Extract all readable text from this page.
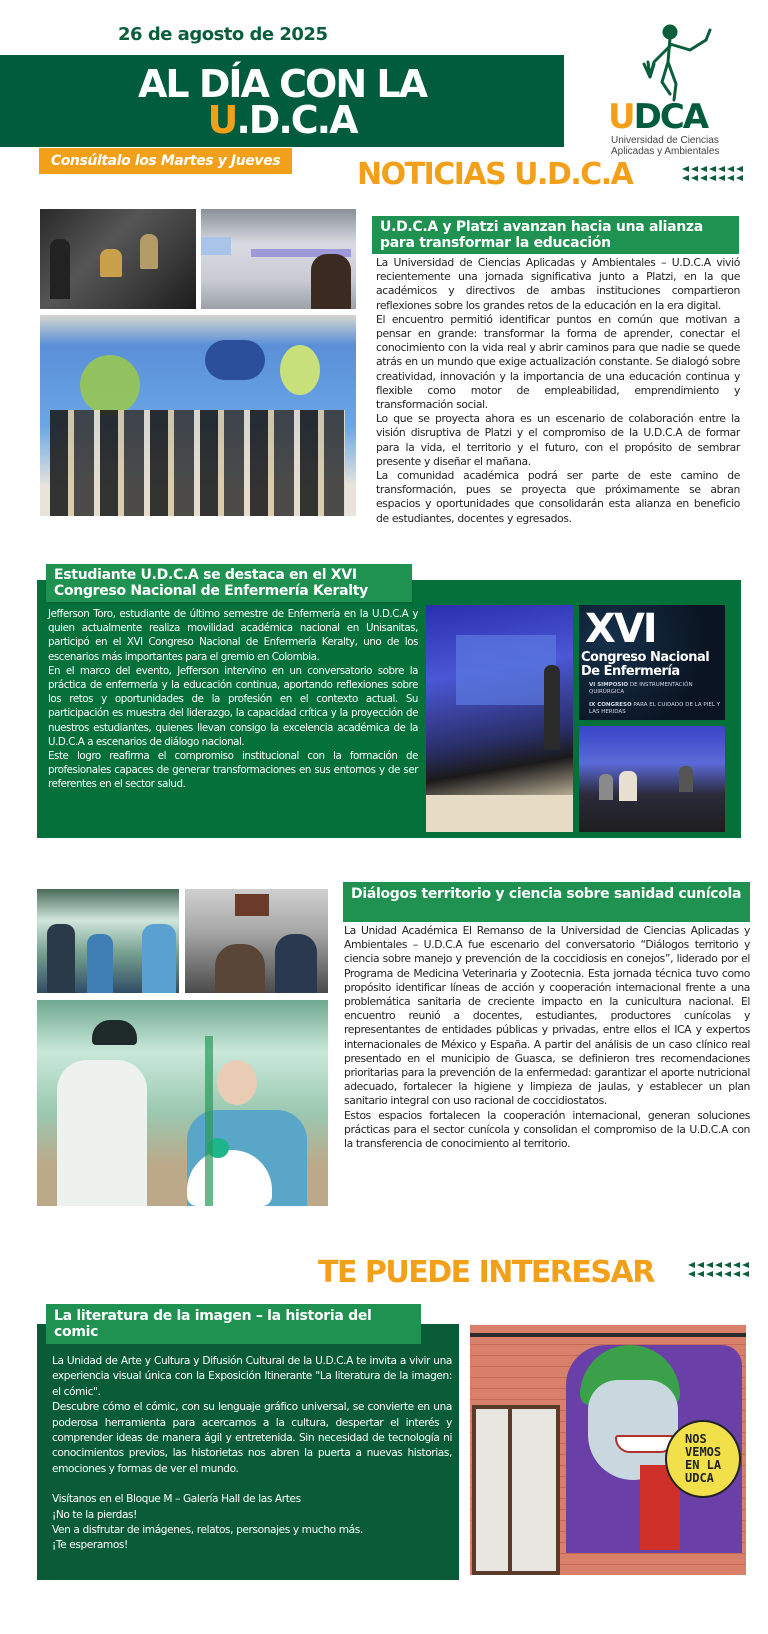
26 de agosto de 2025
AL DÍA CON LA
U.D.C.A
Consúltalo los Martes y Jueves
UDCA
Universidad de Ciencias
Aplicadas y Ambientales
NOTICIAS U.D.C.A
U.D.C.A y Platzi avanzan hacia una alianza para transformar la educación

La Universidad de Ciencias Aplicadas y Ambientales – U.D.C.A vivió recientemente una jornada significativa junto a Platzi, en la que académicos y directivos de ambas instituciones compartieron reflexiones sobre los grandes retos de la educación en la era digital.

El encuentro permitió identificar puntos en común que motivan a pensar en grande: transformar la forma de aprender, conectar el conocimiento con la vida real y abrir caminos para que nadie se quede atrás en un mundo que exige actualización constante. Se dialogó sobre creatividad, innovación y la importancia de una educación continua y flexible como motor de empleabilidad, emprendimiento y transformación social.

Lo que se proyecta ahora es un escenario de colaboración entre la visión disruptiva de Platzi y el compromiso de la U.D.C.A de formar para la vida, el territorio y el futuro, con el propósito de sembrar presente y diseñar el mañana.

La comunidad académica podrá ser parte de este camino de transformación, pues se proyecta que próximamente se abran espacios y oportunidades que consolidarán esta alianza en beneficio de estudiantes, docentes y egresados.

Estudiante U.D.C.A se destaca en el XVI Congreso Nacional de Enfermería Keralty

Jefferson Toro, estudiante de último semestre de Enfermería en la U.D.C.A y quien actualmente realiza movilidad académica nacional en Unisanitas, participó en el XVI Congreso Nacional de Enfermería Keralty, uno de los escenarios más importantes para el gremio en Colombia.

En el marco del evento, Jefferson intervino en un conversatorio sobre la práctica de enfermería y la educación continua, aportando reflexiones sobre los retos y oportunidades de la profesión en el contexto actual. Su participación es muestra del liderazgo, la capacidad crítica y la proyección de nuestros estudiantes, quienes llevan consigo la excelencia académica de la U.D.C.A a escenarios de diálogo nacional.

Este logro reafirma el compromiso institucional con la formación de profesionales capaces de generar transformaciones en sus entornos y de ser referentes en el sector salud.

XVI
Congreso Nacional
De Enfermería
VI SIMPOSIO DE INSTRUMENTACIÓN QUIRÚRGICA
IX CONGRESO PARA EL CUIDADO DE LA PIEL Y LAS HERIDAS
Diálogos territorio y ciencia sobre sanidad cunícola

La Unidad Académica El Remanso de la Universidad de Ciencias Aplicadas y Ambientales – U.D.C.A fue escenario del conversatorio “Diálogos territorio y ciencia sobre manejo y prevención de la coccidiosis en conejos”, liderado por el Programa de Medicina Veterinaria y Zootecnia. Esta jornada técnica tuvo como propósito identificar líneas de acción y cooperación internacional frente a una problemática sanitaria de creciente impacto en la cunicultura nacional. El encuentro reunió a docentes, estudiantes, productores cunícolas y representantes de entidades públicas y privadas, entre ellos el ICA y expertos internacionales de México y España. A partir del análisis de un caso clínico real presentado en el municipio de Guasca, se definieron tres recomendaciones prioritarias para la prevención de la enfermedad: garantizar el aporte nutricional adecuado, fortalecer la higiene y limpieza de jaulas, y establecer un plan sanitario integral con uso racional de coccidiostatos.

Estos espacios fortalecen la cooperación internacional, generan soluciones prácticas para el sector cunícola y consolidan el compromiso de la U.D.C.A con la transferencia de conocimiento al territorio.

TE PUEDE INTERESAR
La literatura de la imagen – la historia del comic

La Unidad de Arte y Cultura y Difusión Cultural de la U.D.C.A te invita a vivir una experiencia visual única con la Exposición Itinerante "La literatura de la imagen: el cómic".

Descubre cómo el cómic, con su lenguaje gráfico universal, se convierte en una poderosa herramienta para acercarnos a la cultura, despertar el interés y comprender ideas de manera ágil y entretenida. Sin necesidad de tecnología ni conocimientos previos, las historietas nos abren la puerta a nuevas historias, emociones y formas de ver el mundo.

Visítanos en el Bloque M – Galería Hall de las Artes

¡No te la pierdas!

Ven a disfrutar de imágenes, relatos, personajes y mucho más.

¡Te esperamos!

NOS
VEMOS
EN LA
UDCA
